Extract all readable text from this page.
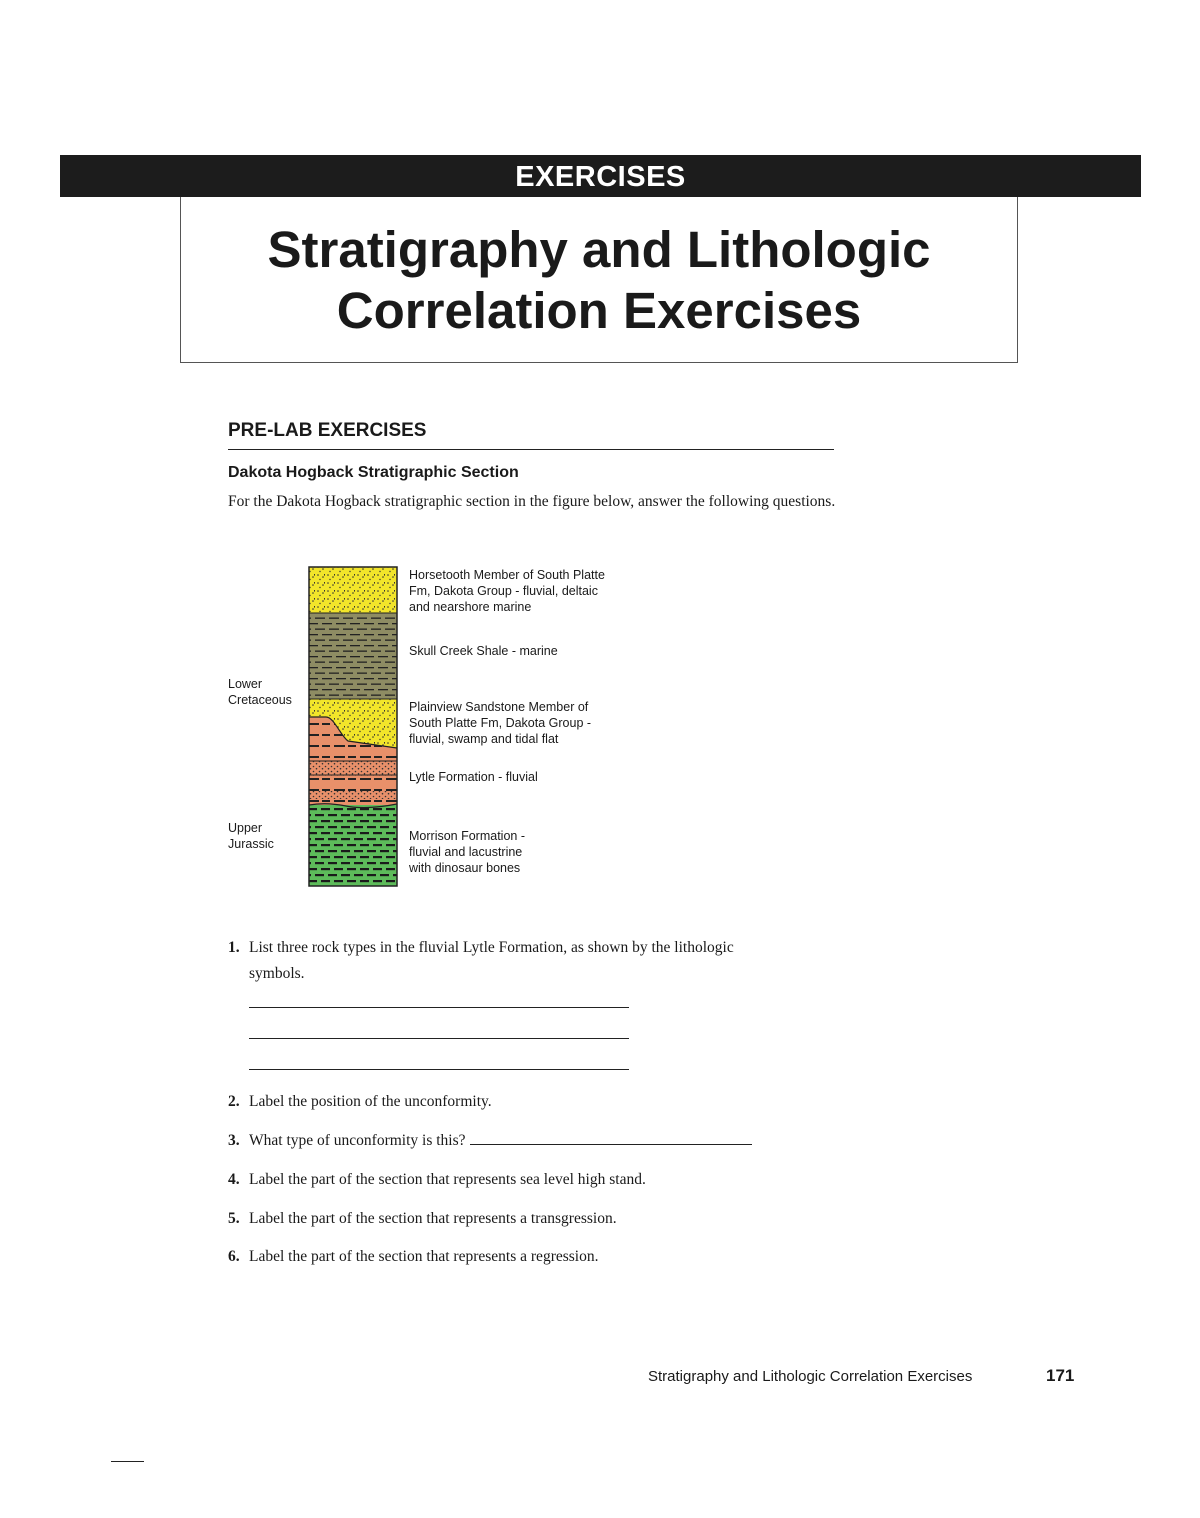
EXERCISES
Stratigraphy and Lithologic
Correlation Exercises
PRE-LAB EXERCISES
Dakota Hogback Stratigraphic Section
For the Dakota Hogback stratigraphic section in the figure below, answer the following questions.
Lower
Cretaceous
Upper
Jurassic
Horsetooth Member of South Platte
Fm, Dakota Group - fluvial, deltaic
and nearshore marine
Skull Creek Shale - marine
Plainview Sandstone Member of
South Platte Fm, Dakota Group -
fluvial, swamp and tidal flat
Lytle Formation - fluvial
Morrison Formation -
fluvial and lacustrine
with dinosaur bones
1. List three rock types in the fluvial Lytle Formation, as shown by the lithologic
symbols.
2. Label the position of the unconformity.
3. What type of unconformity is this?
4. Label the part of the section that represents sea level high stand.
5. Label the part of the section that represents a transgression.
6. Label the part of the section that represents a regression.
Stratigraphy and Lithologic Correlation Exercises	171
